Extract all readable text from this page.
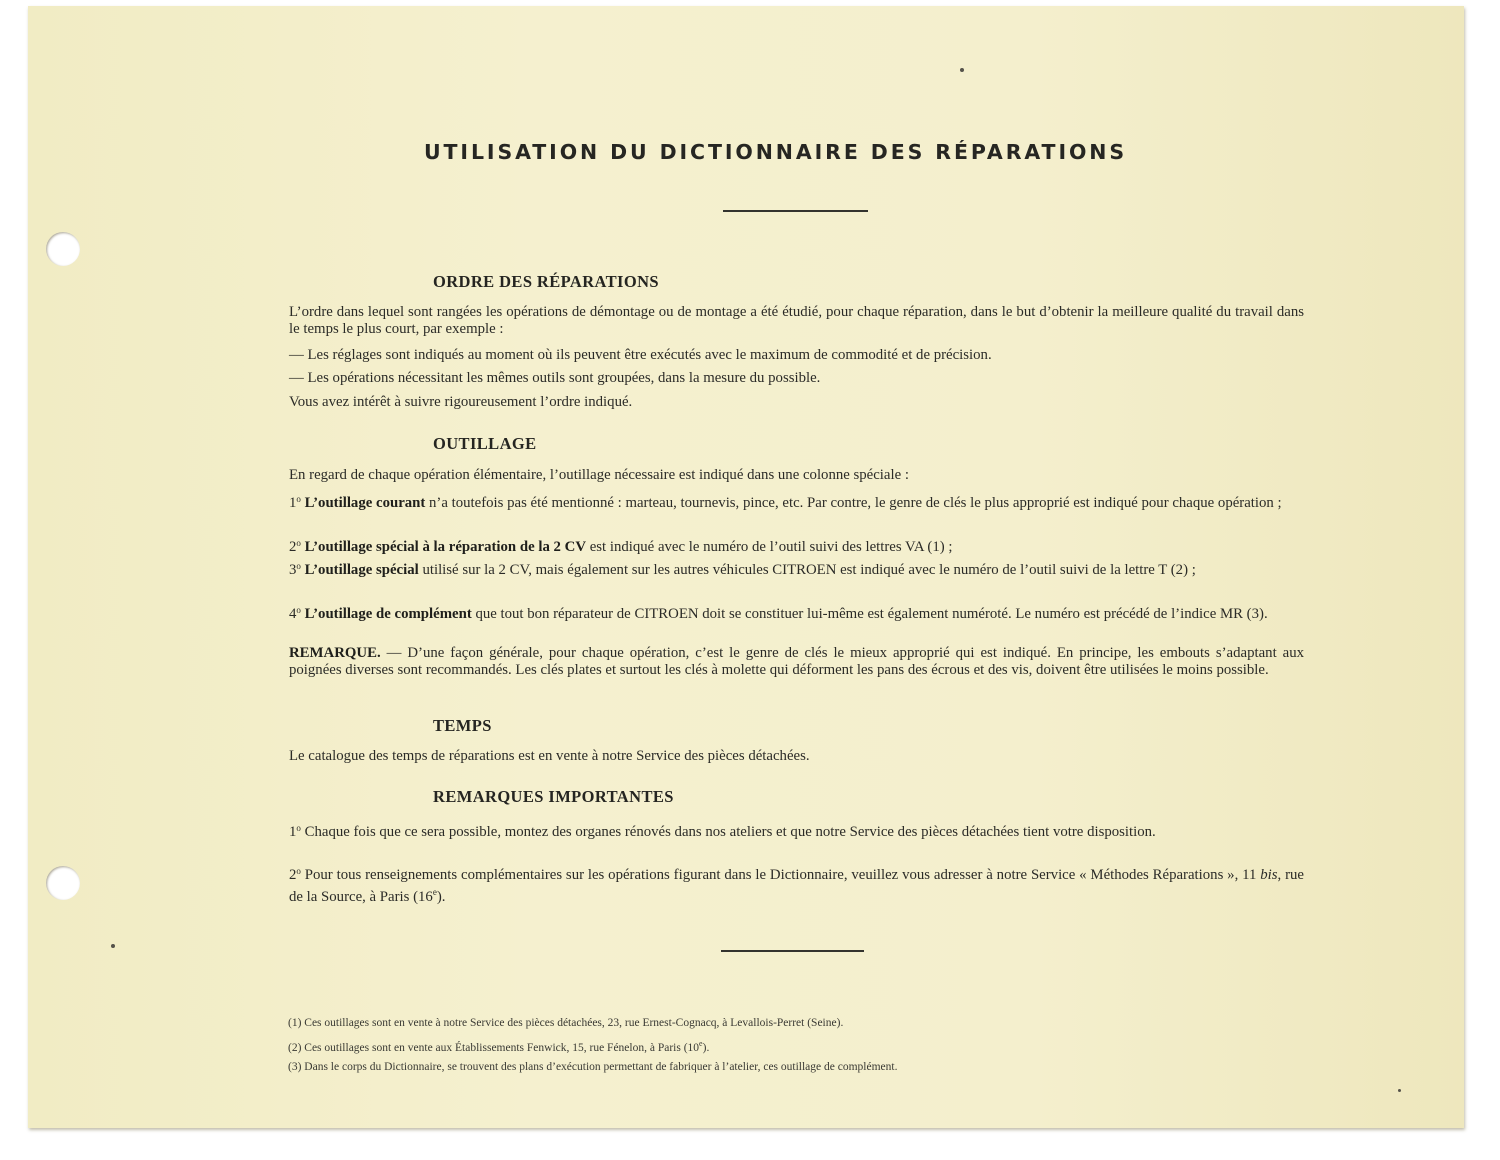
UTILISATION DU DICTIONNAIRE DES RÉPARATIONS
ORDRE DES RÉPARATIONS
L’ordre dans lequel sont rangées les opérations de démontage ou de montage a été étudié, pour chaque réparation, dans le but d’obtenir la meilleure qualité du travail dans le temps le plus court, par exemple :
— Les réglages sont indiqués au moment où ils peuvent être exécutés avec le maximum de commodité et de précision.
— Les opérations nécessitant les mêmes outils sont groupées, dans la mesure du possible.
Vous avez intérêt à suivre rigoureusement l’ordre indiqué.
OUTILLAGE
En regard de chaque opération élémentaire, l’outillage nécessaire est indiqué dans une colonne spéciale :
1$^o$ L’outillage courant n’a toutefois pas été mentionné : marteau, tournevis, pince, etc. Par contre, le genre de clés le plus approprié est indiqué pour chaque opération ;
2$^o$ L’outillage spécial à la réparation de la 2 CV est indiqué avec le numéro de l’outil suivi des lettres VA (1) ;
3$^o$ L’outillage spécial utilisé sur la 2 CV, mais également sur les autres véhicules CITROEN est indiqué avec le numéro de l’outil suivi de la lettre T (2) ;
4$^o$ L’outillage de complément que tout bon réparateur de CITROEN doit se constituer lui-même est également numéroté. Le numéro est précédé de l’indice MR (3).
REMARQUE. — D’une façon générale, pour chaque opération, c’est le genre de clés le mieux approprié qui est indiqué. En principe, les embouts s’adaptant aux poignées diverses sont recommandés. Les clés plates et surtout les clés à molette qui déforment les pans des écrous et des vis, doivent être utilisées le moins possible.
TEMPS
Le catalogue des temps de réparations est en vente à notre Service des pièces détachées.
REMARQUES IMPORTANTES
1$^o$ Chaque fois que ce sera possible, montez des organes rénovés dans nos ateliers et que notre Service des pièces détachées tient votre disposition.
2$^o$ Pour tous renseignements complémentaires sur les opérations figurant dans le Dictionnaire, veuillez vous adresser à notre Service « Méthodes Réparations », 11 bis, rue de la Source, à Paris (16e).
(1) Ces outillages sont en vente à notre Service des pièces détachées, 23, rue Ernest-Cognacq, à Levallois-Perret (Seine).
(2) Ces outillages sont en vente aux Établissements Fenwick, 15, rue Fénelon, à Paris (10e).
(3) Dans le corps du Dictionnaire, se trouvent des plans d’exécution permettant de fabriquer à l’atelier, ces outillage de complément.
